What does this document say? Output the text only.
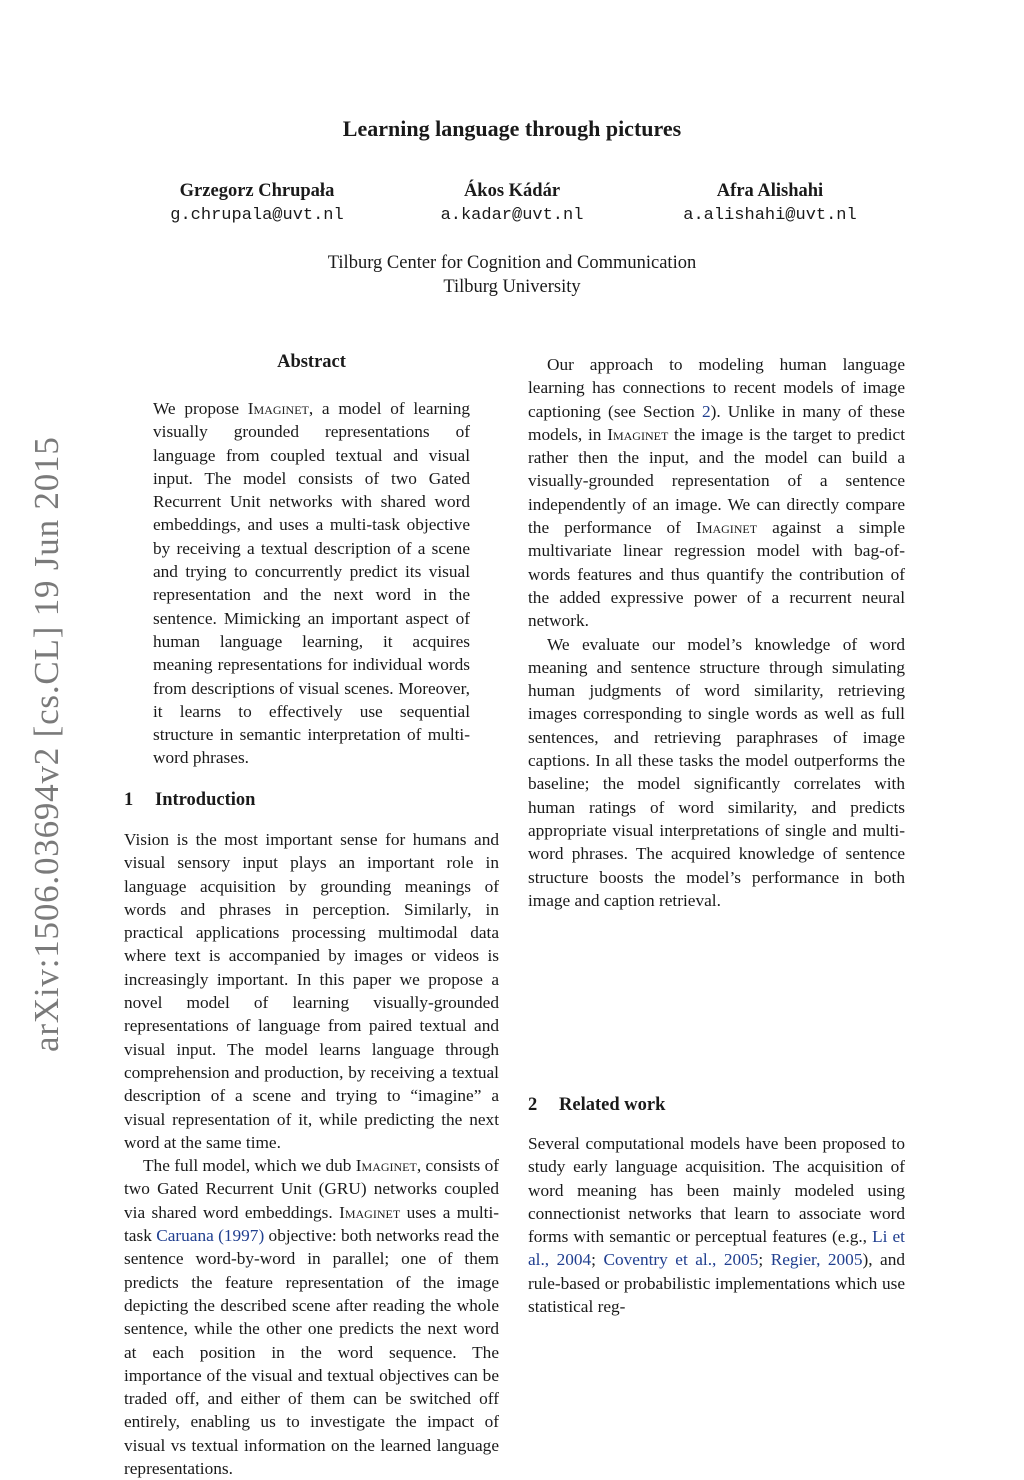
Learning language through pictures
Grzegorz Chrupała
g.chrupala@uvt.nl
Ákos Kádár
a.kadar@uvt.nl
Afra Alishahi
a.alishahi@uvt.nl
Tilburg Center for Cognition and Communication
Tilburg University
arXiv:1506.03694v2 [cs.CL] 19 Jun 2015
Abstract

We propose Imaginet, a model of learning visually grounded representations of language from coupled textual and visual input. The model consists of two Gated Recurrent Unit networks with shared word embeddings, and uses a multi-task objective by receiving a textual description of a scene and trying to concurrently predict its visual representation and the next word in the sentence. Mimicking an important aspect of human language learning, it acquires meaning representations for individual words from descriptions of visual scenes. Moreover, it learns to effectively use sequential structure in semantic interpretation of multi-word phrases.

1 Introduction

Vision is the most important sense for humans and visual sensory input plays an important role in language acquisition by grounding meanings of words and phrases in perception. Similarly, in practical applications processing multimodal data where text is accompanied by images or videos is increasingly important. In this paper we propose a novel model of learning visually-grounded representations of language from paired textual and visual input. The model learns language through comprehension and production, by receiving a textual description of a scene and trying to “imagine” a visual representation of it, while predicting the next word at the same time.

The full model, which we dub Imaginet, consists of two Gated Recurrent Unit (GRU) networks coupled via shared word embeddings. Imaginet uses a multi-task Caruana (1997) objective: both networks read the sentence word-by-word in parallel; one of them predicts the feature representation of the image depicting the described scene after reading the whole sentence, while the other one predicts the next word at each position in the word sequence. The importance of the visual and textual objectives can be traded off, and either of them can be switched off entirely, enabling us to investigate the impact of visual vs textual information on the learned language representations.

Our approach to modeling human language learning has connections to recent models of image captioning (see Section 2). Unlike in many of these models, in Imaginet the image is the target to predict rather then the input, and the model can build a visually-grounded representation of a sentence independently of an image. We can directly compare the performance of Imaginet against a simple multivariate linear regression model with bag-of-words features and thus quantify the contribution of the added expressive power of a recurrent neural network.

We evaluate our model’s knowledge of word meaning and sentence structure through simulating human judgments of word similarity, retrieving images corresponding to single words as well as full sentences, and retrieving paraphrases of image captions. In all these tasks the model outperforms the baseline; the model significantly correlates with human ratings of word similarity, and predicts appropriate visual interpretations of single and multi-word phrases. The acquired knowledge of sentence structure boosts the model’s performance in both image and caption retrieval.

2 Related work

Several computational models have been proposed to study early language acquisition. The acquisition of word meaning has been mainly modeled using connectionist networks that learn to associate word forms with semantic or perceptual features (e.g., Li et al., 2004; Coventry et al., 2005; Regier, 2005), and rule-based or probabilistic implementations which use statistical reg-
